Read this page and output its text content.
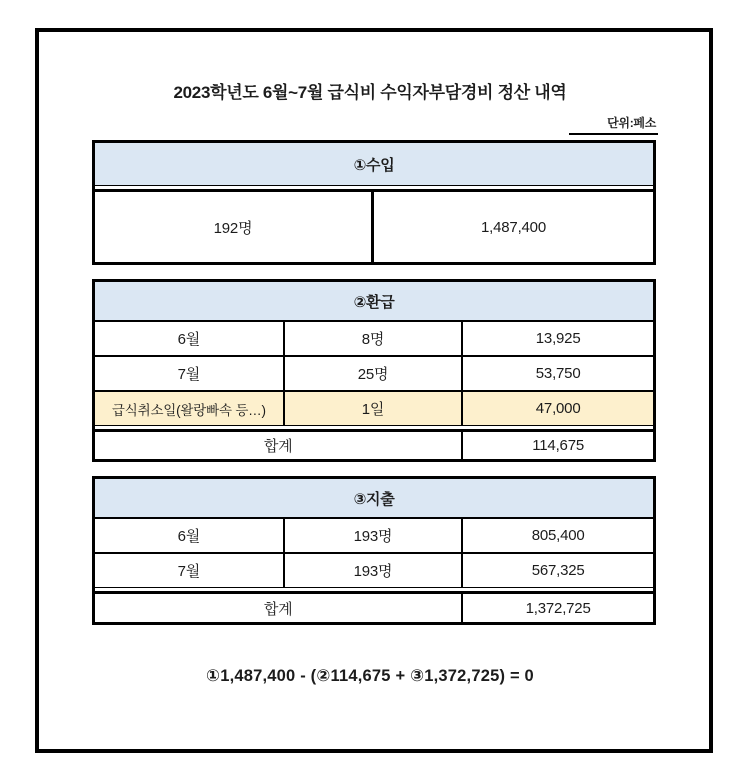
2023학년도 6월~7월 급식비 수익자부담경비 정산 내역
단위:페소
①수입
192명	1,487,400
②환급
6월	8명	13,925
7월	25명	53,750
급식취소일(왈랑빠속 등…)	1일	47,000
합계	114,675
③지출
6월	193명	805,400
7월	193명	567,325
합계	1,372,725
①1,487,400 - (②114,675 + ③1,372,725) = 0
